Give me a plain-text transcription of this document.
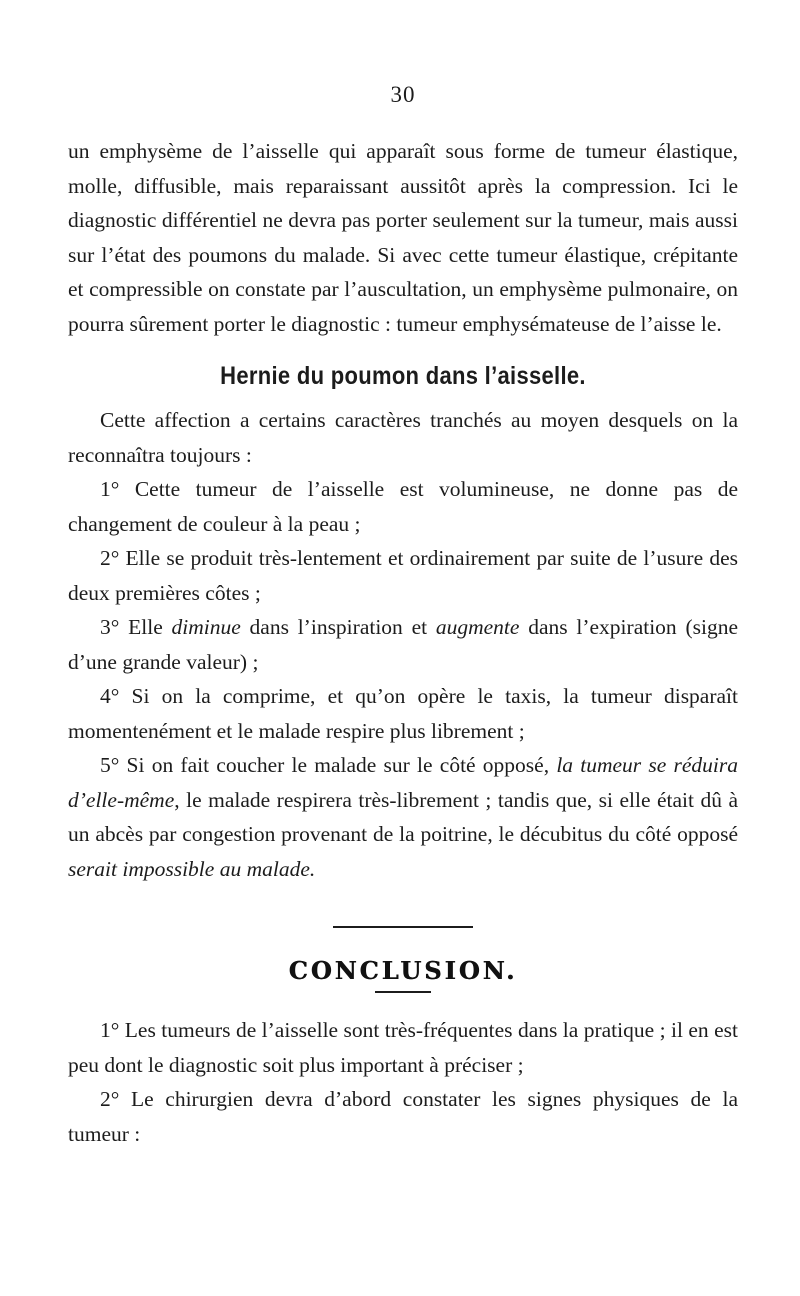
30

un emphysème de l’aisselle qui apparaît sous forme de tumeur élastique, molle, diffusible, mais reparaissant aussitôt après la compression. Ici le diagnostic différentiel ne devra pas porter seulement sur la tumeur, mais aussi sur l’état des poumons du malade. Si avec cette tumeur élastique, crépitante et compressible on constate par l’auscultation, un emphysème pulmonaire, on pourra sûrement porter le diagnostic : tumeur emphysémateuse de l’aisse le.

Hernie du poumon dans l’aisselle.

Cette affection a certains caractères tranchés au moyen desquels on la reconnaîtra toujours :

1° Cette tumeur de l’aisselle est volumineuse, ne donne pas de changement de couleur à la peau ;

2° Elle se produit très-lentement et ordinairement par suite de l’usure des deux premières côtes ;

3° Elle diminue dans l’inspiration et augmente dans l’expiration (signe d’une grande valeur) ;

4° Si on la comprime, et qu’on opère le taxis, la tumeur disparaît momentenément et le malade respire plus librement ;

5° Si on fait coucher le malade sur le côté opposé, la tumeur se réduira d’elle-même, le malade respirera très-librement ; tandis que, si elle était dû à un abcès par congestion provenant de la poitrine, le décubitus du côté opposé serait impossible au malade.

CONCLUSION.

1° Les tumeurs de l’aisselle sont très-fréquentes dans la pratique ; il en est peu dont le diagnostic soit plus important à préciser ;

2° Le chirurgien devra d’abord constater les signes physiques de la tumeur :
